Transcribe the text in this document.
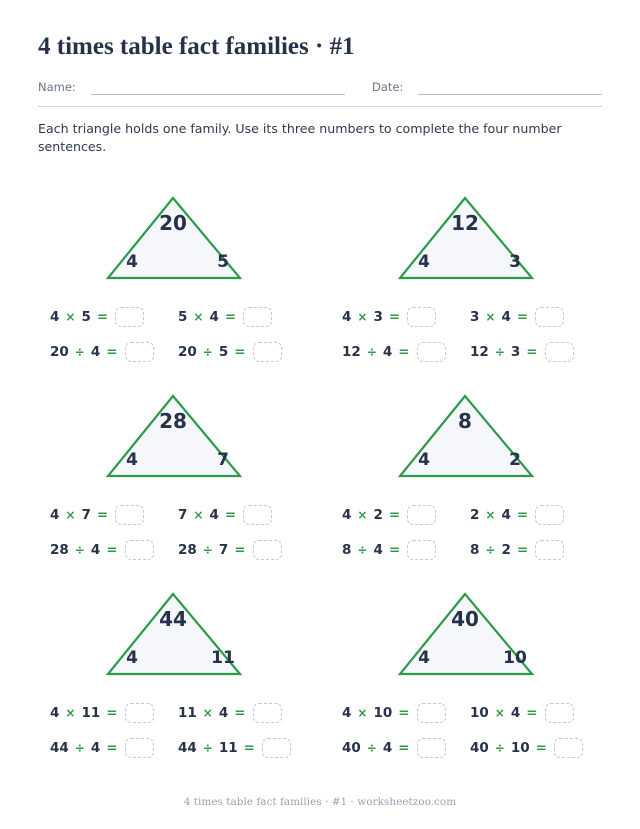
4 times table fact families · #1
Name:	Date:
Each triangle holds one family. Use its three numbers to complete the four number sentences.
20
4	5
4 × 5 =	5 × 4 =
20 ÷ 4 =	20 ÷ 5 =
12
4	3
4 × 3 =	3 × 4 =
12 ÷ 4 =	12 ÷ 3 =
28
4	7
4 × 7 =	7 × 4 =
28 ÷ 4 =	28 ÷ 7 =
8
4	2
4 × 2 =	2 × 4 =
8 ÷ 4 =	8 ÷ 2 =
44
4	11
4 × 11 =	11 × 4 =
44 ÷ 4 =	44 ÷ 11 =
40
4	10
4 × 10 =	10 × 4 =
40 ÷ 4 =	40 ÷ 10 =
4 times table fact families · #1 · worksheetzoo.com
